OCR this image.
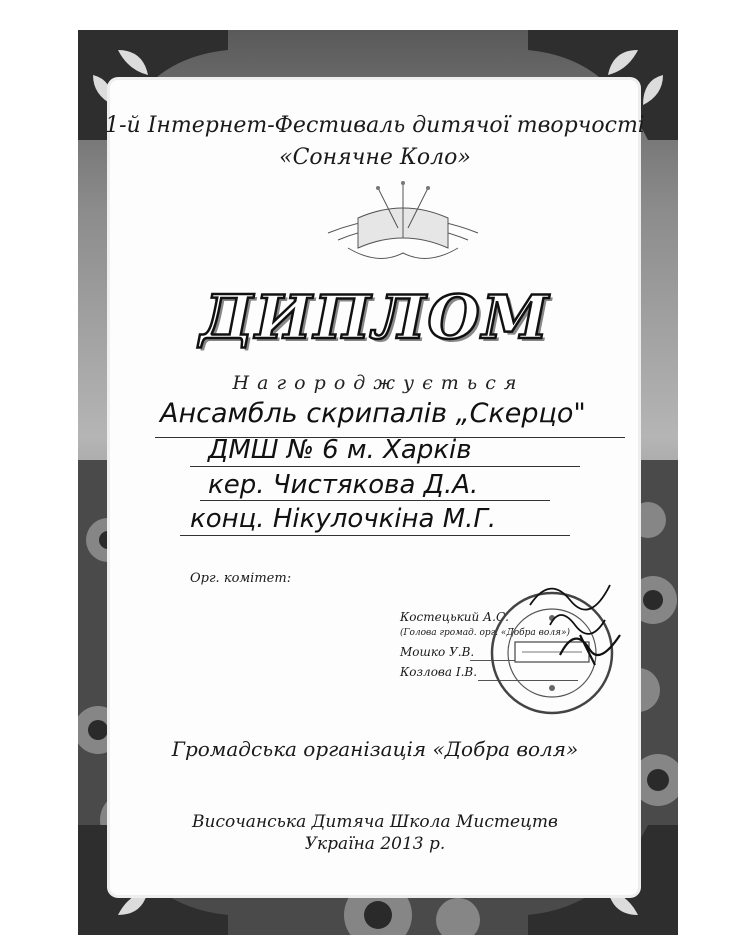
1-й Інтернет-Фестиваль дитячої творчості
«Сонячне Коло»
ДИПЛОМ
Н а г о р о д ж у є т ь с я
Ансамбль скрипалів „Скерцо"
ДМШ № 6 м. Харків
кер. Чистякова Д.А.
конц. Нікулочкіна М.Г.
Орг. комітет:
Костецький А.С.
(Голова громад. орг. «Добра воля»)
Мошко У.В.
Козлова І.В.
Громадська організація «Добра воля»
Височанська Дитяча Школа Мистецтв
Україна 2013 р.
